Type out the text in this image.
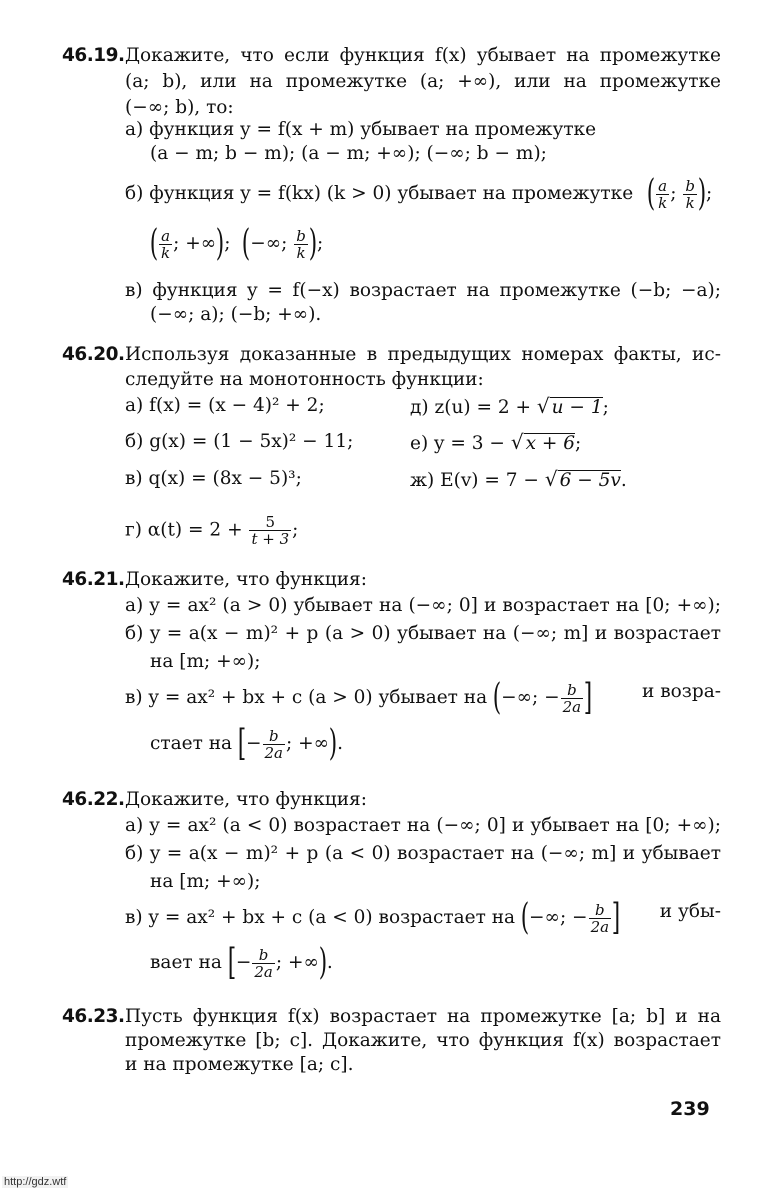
46.19. Докажите, что если функция f(x) убывает на промежутке
(a; b), или на промежутке (a; +∞), или на промежутке
(−∞; b), то:
а) функция y = f(x + m) убывает на промежутке
(a − m; b − m); (a − m; +∞); (−∞; b − m);
б) функция y = f(kx) (k > 0) убывает на промежутке ( $\frac{a}{k}$ ; $\frac{b}{k}$ );
( $\frac{a}{k}$ ; +∞);  (−∞; $\frac{b}{k}$ );
в) функция y = f(−x) возрастает на промежутке (−b; −a);
(−∞; a); (−b; +∞).
46.20. Используя доказанные в предыдущих номерах факты, ис-
следуйте на монотонность функции:
а) f(x) = (x − 4)² + 2;
б) g(x) = (1 − 5x)² − 11;
в) q(x) = (8x − 5)³;
г) $\alpha(t) = 2 + \frac{5}{t + 3}$ ;
д) z(u) = 2 + √ u − 1;
е) y = 3 − √ x + 6;
ж) E(v) = 7 − √ 6 − 5v.
46.21. Докажите, что функция:
а) y = ax² (a > 0) убывает на (−∞; 0] и возрастает на [0; +∞);
б) y = a(x − m)² + p (a > 0) убывает на (−∞; m] и возрастает
на [m; +∞);
в) y = ax² + bx + c (a > 0) убывает на (−∞; − $\frac{b}{2a}$ ]	и возра-
стает на [− $\frac{b}{2a}$ ; +∞).
46.22. Докажите, что функция:
а) y = ax² (a < 0) возрастает на (−∞; 0] и убывает на [0; +∞);
б) y = a(x − m)² + p (a < 0) возрастает на (−∞; m] и убывает
на [m; +∞);
в) y = ax² + bx + c (a < 0) возрастает на (−∞; − $\frac{b}{2a}$ ] и убы-
вает на [− $\frac{b}{2a}$ ; +∞).
46.23. Пусть функция f(x) возрастает на промежутке [a; b] и на
промежутке [b; c]. Докажите, что функция f(x) возрастает
и на промежутке [a; c].
239
http://gdz.wtf
